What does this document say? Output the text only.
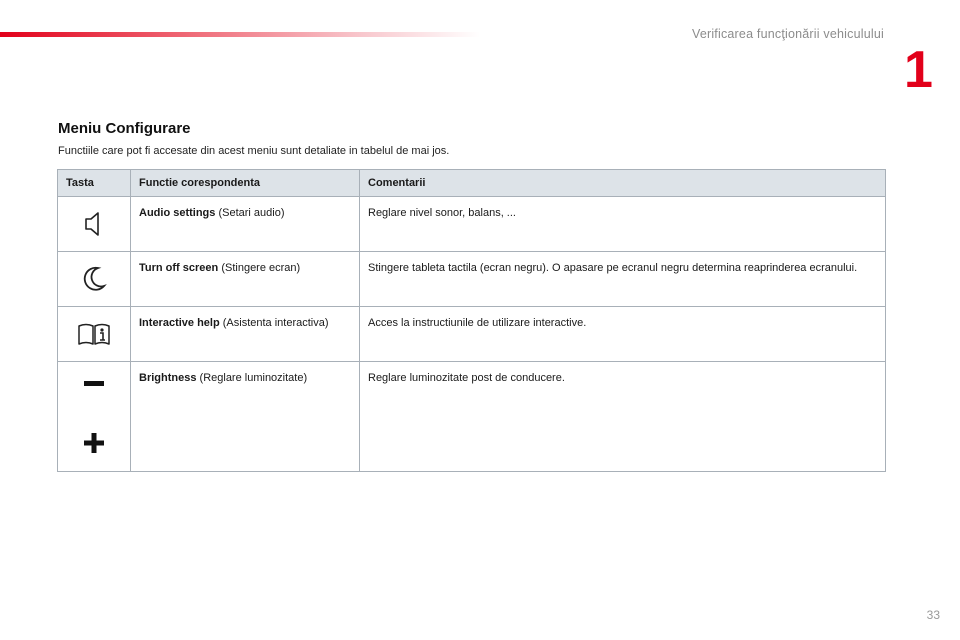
Verificarea funcţionării vehiculului
1
Meniu Configurare
Functiile care pot fi accesate din acest meniu sunt detaliate in tabelul de mai jos.
Tasta	Functie corespondenta	Comentarii

	Audio settings (Setari audio)	Reglare nivel sonor, balans, ...

	Turn off screen (Stingere ecran)	Stingere tableta tactila (ecran negru). O apasare pe ecranul negru determina reaprinderea ecranului.

	Interactive help (Asistenta interactiva)	Acces la instructiunile de utilizare interactive.

	Brightness (Reglare luminozitate)	Reglare luminozitate post de conducere.
33
